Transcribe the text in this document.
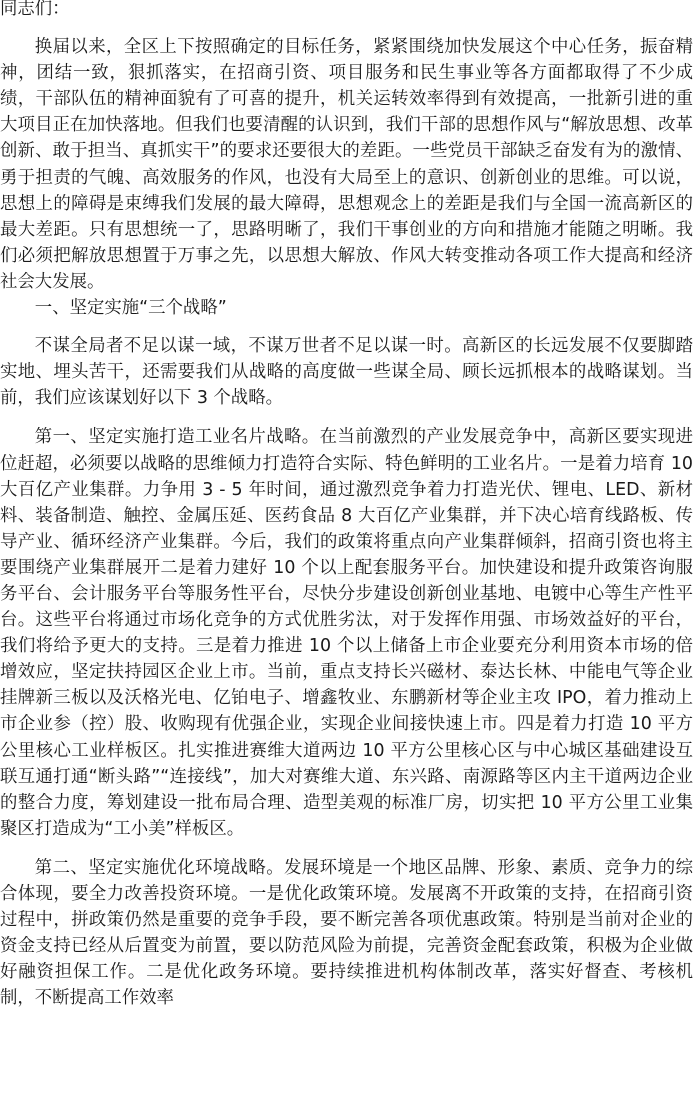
同志们：

换届以来，全区上下按照确定的目标任务，紧紧围绕加快发展这个中心任务，振奋精神，团结一致，狠抓落实，在招商引资、项目服务和民生事业等各方面都取得了不少成绩，干部队伍的精神面貌有了可喜的提升，机关运转效率得到有效提高，一批新引进的重大项目正在加快落地。但我们也要清醒的认识到，我们干部的思想作风与“解放思想、改革创新、敢于担当、真抓实干”的要求还要很大的差距。一些党员干部缺乏奋发有为的激情、勇于担责的气魄、高效服务的作风，也没有大局至上的意识、创新创业的思维。可以说，思想上的障碍是束缚我们发展的最大障碍，思想观念上的差距是我们与全国一流高新区的最大差距。只有思想统一了，思路明晰了，我们干事创业的方向和措施才能随之明晰。我们必须把解放思想置于万事之先，以思想大解放、作风大转变推动各项工作大提高和经济社会大发展。

一、坚定实施“三个战略”

不谋全局者不足以谋一域，不谋万世者不足以谋一时。高新区的长远发展不仅要脚踏实地、埋头苦干，还需要我们从战略的高度做一些谋全局、顾长远抓根本的战略谋划。当前，我们应该谋划好以下 3 个战略。

第一、坚定实施打造工业名片战略。在当前激烈的产业发展竞争中，高新区要实现进位赶超，必须要以战略的思维倾力打造符合实际、特色鲜明的工业名片。一是着力培育 10 大百亿产业集群。力争用 3 - 5 年时间，通过激烈竞争着力打造光伏、锂电、LED、新材料、装备制造、触控、金属压延、医药食品 8 大百亿产业集群，并下决心培育线路板、传导产业、循环经济产业集群。今后，我们的政策将重点向产业集群倾斜，招商引资也将主要围绕产业集群展开二是着力建好 10 个以上配套服务平台。加快建设和提升政策咨询服务平台、会计服务平台等服务性平台，尽快分步建设创新创业基地、电镀中心等生产性平台。这些平台将通过市场化竞争的方式优胜劣汰，对于发挥作用强、市场效益好的平台，我们将给予更大的支持。三是着力推进 10 个以上储备上市企业要充分利用资本市场的倍增效应，坚定扶持园区企业上市。当前，重点支持长兴磁材、泰达长林、中能电气等企业挂牌新三板以及沃格光电、亿铂电子、增鑫牧业、东鹏新材等企业主攻 IPO，着力推动上市企业参（控）股、收购现有优强企业，实现企业间接快速上市。四是着力打造 10 平方公里核心工业样板区。扎实推进赛维大道两边 10 平方公里核心区与中心城区基础建设互联互通打通“断头路”“连接线”，加大对赛维大道、东兴路、南源路等区内主干道两边企业的整合力度，筹划建设一批布局合理、造型美观的标准厂房，切实把 10 平方公里工业集聚区打造成为“工小美”样板区。

第二、坚定实施优化环境战略。发展环境是一个地区品牌、形象、素质、竞争力的综合体现，要全力改善投资环境。一是优化政策环境。发展离不开政策的支持，在招商引资过程中，拼政策仍然是重要的竞争手段，要不断完善各项优惠政策。特别是当前对企业的资金支持已经从后置变为前置，要以防范风险为前提，完善资金配套政策，积极为企业做好融资担保工作。二是优化政务环境。要持续推进机构体制改革，落实好督查、考核机制，不断提高工作效率
